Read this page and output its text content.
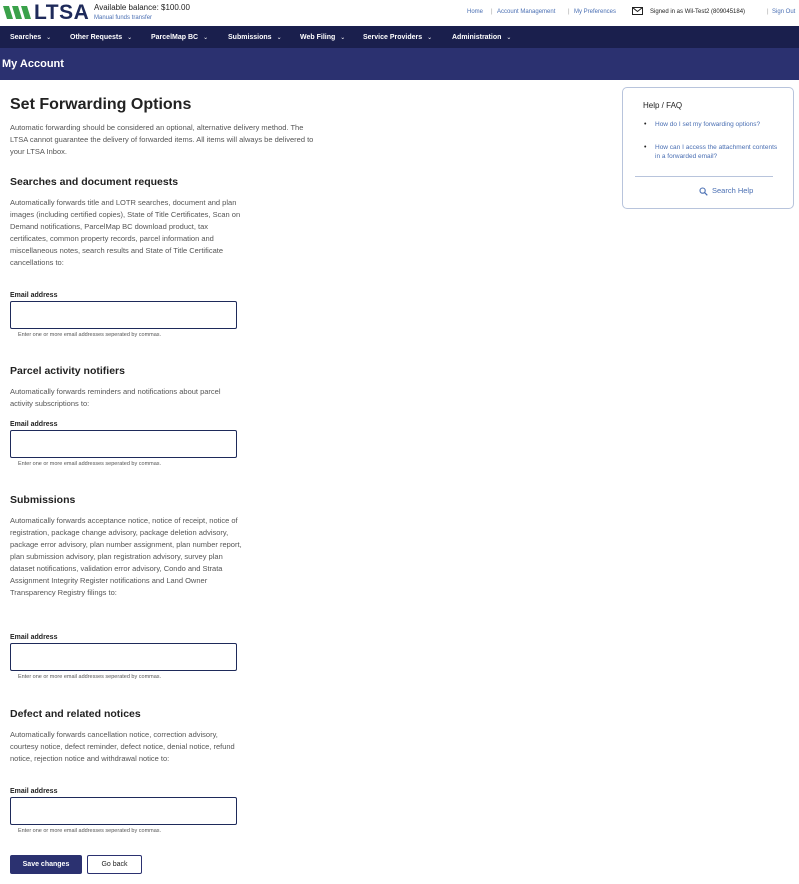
LTSA Available balance: $100.00
Manual funds transfer
Home | Account Management | My Preferences	Signed in as Wil-Test2 (809045184)	| Sign Out
Searches ⌄	Other Requests ⌄	ParcelMap BC ⌄	Submissions ⌄	Web Filing ⌄	Service Providers ⌄	Administration ⌄
My Account
Set Forwarding Options

Automatic forwarding should be considered an optional, alternative delivery method. The LTSA cannot guarantee the delivery of forwarded items. All items will always be delivered to your LTSA Inbox.

Searches and document requests

Automatically forwards title and LOTR searches, document and plan images (including certified copies), State of Title Certificates, Scan on Demand notifications, ParcelMap BC download product, tax certificates, common property records, parcel information and miscellaneous notes, search results and State of Title Certificate cancellations to:

Email address
Enter one or more email addresses seperated by commas.
Parcel activity notifiers

Automatically forwards reminders and notifications about parcel activity subscriptions to:

Email address
Enter one or more email addresses seperated by commas.
Submissions

Automatically forwards acceptance notice, notice of receipt, notice of registration, package change advisory, package deletion advisory, package error advisory, plan number assignment, plan number report, plan submission advisory, plan registration advisory, survey plan dataset notifications, validation error advisory, Condo and Strata Assignment Integrity Register notifications and Land Owner Transparency Registry filings to:

Email address
Enter one or more email addresses seperated by commas.
Defect and related notices

Automatically forwards cancellation notice, correction advisory, courtesy notice, defect reminder, defect notice, denial notice, refund notice, rejection notice and withdrawal notice to:

Email address
Enter one or more email addresses seperated by commas.
Save changes	Go back
Help / FAQ
• How do I set my forwarding options?
• How can I access the attachment contents in a forwarded email?
Search Help
